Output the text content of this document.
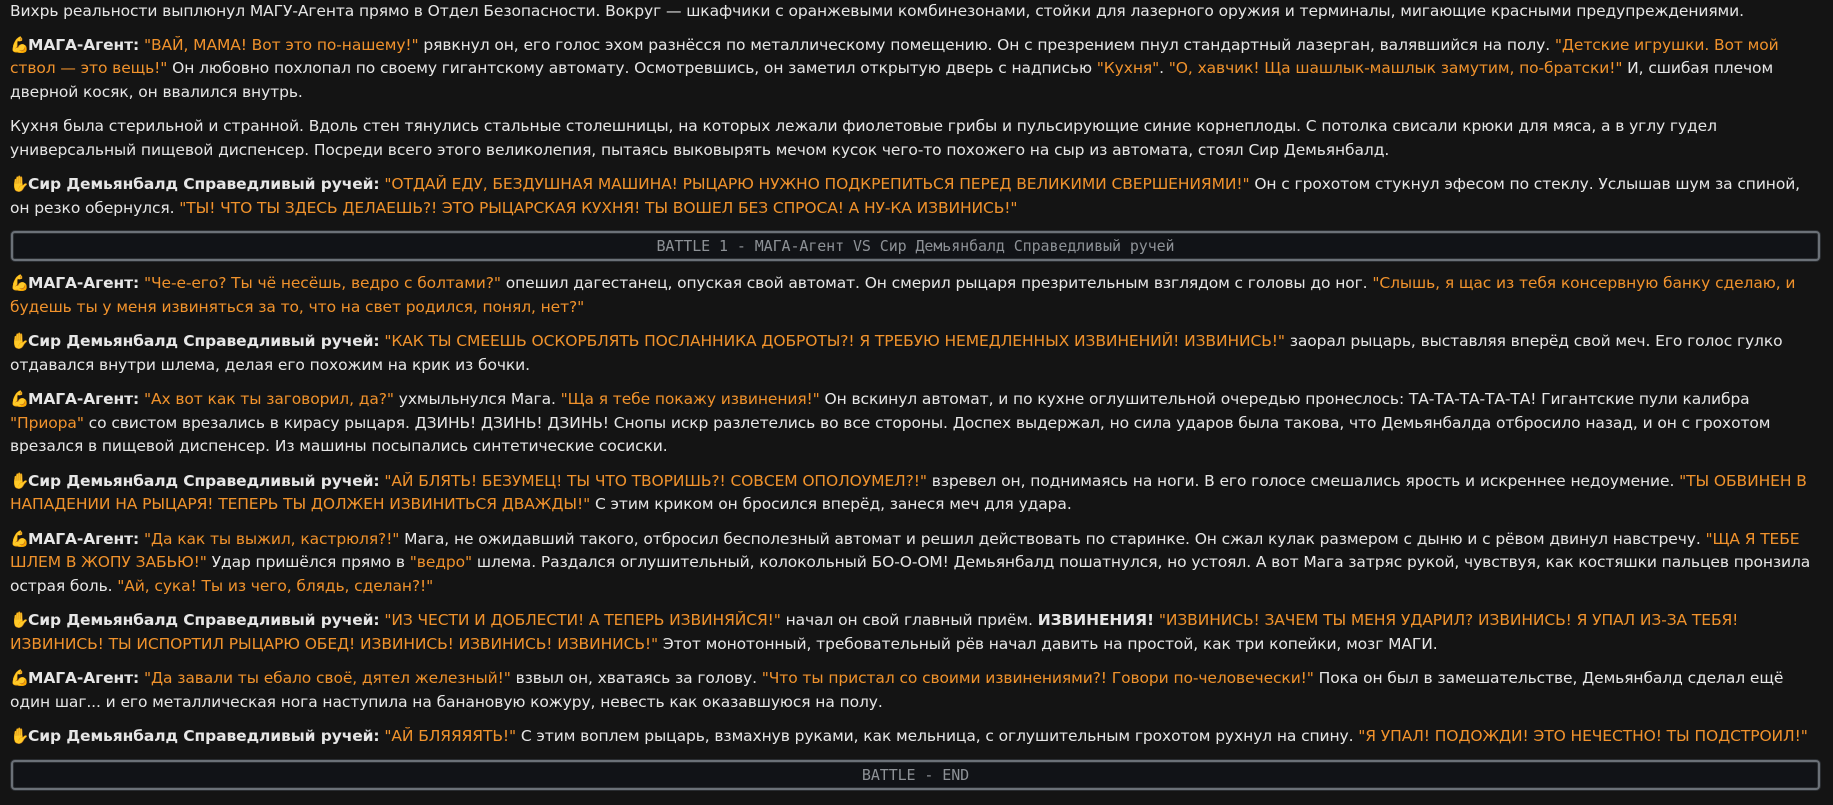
Вихрь реальности выплюнул МАГУ-Агента прямо в Отдел Безопасности. Вокруг — шкафчики с оранжевыми комбинезонами, стойки для лазерного оружия и терминалы, мигающие красными предупреждениями.
💪МАГА-Агент: "ВАЙ, МАМА! Вот это по-нашему!" рявкнул он, его голос эхом разнёсся по металлическому помещению. Он с презрением пнул стандартный лазерган, валявшийся на полу. "Детские игрушки. Вот мой ствол — это вещь!" Он любовно похлопал по своему гигантскому автомату. Осмотревшись, он заметил открытую дверь с надписью "Кухня". "О, хавчик! Ща шашлык-машлык замутим, по-братски!" И, сшибая плечом дверной косяк, он ввалился внутрь.
Кухня была стерильной и странной. Вдоль стен тянулись стальные столешницы, на которых лежали фиолетовые грибы и пульсирующие синие корнеплоды. С потолка свисали крюки для мяса, а в углу гудел универсальный пищевой диспенсер. Посреди всего этого великолепия, пытаясь выковырять мечом кусок чего-то похожего на сыр из автомата, стоял Сир Демьянбалд.
✋Сир Демьянбалд Справедливый ручей: "ОТДАЙ ЕДУ, БЕЗДУШНАЯ МАШИНА! РЫЦАРЮ НУЖНО ПОДКРЕПИТЬСЯ ПЕРЕД ВЕЛИКИМИ СВЕРШЕНИЯМИ!" Он с грохотом стукнул эфесом по стеклу. Услышав шум за спиной, он резко обернулся. "ТЫ! ЧТО ТЫ ЗДЕСЬ ДЕЛАЕШЬ?! ЭТО РЫЦАРСКАЯ КУХНЯ! ТЫ ВОШЕЛ БЕЗ СПРОСА! А НУ-КА ИЗВИНИСЬ!"
BATTLE 1 - МАГА-Агент VS Сир Демьянбалд Справедливый ручей
💪МАГА-Агент: "Че-е-его? Ты чё несёшь, ведро с болтами?" опешил дагестанец, опуская свой автомат. Он смерил рыцаря презрительным взглядом с головы до ног. "Слышь, я щас из тебя консервную банку сделаю, и будешь ты у меня извиняться за то, что на свет родился, понял, нет?"
✋Сир Демьянбалд Справедливый ручей: "КАК ТЫ СМЕЕШЬ ОСКОРБЛЯТЬ ПОСЛАННИКА ДОБРОТЫ?! Я ТРЕБУЮ НЕМЕДЛЕННЫХ ИЗВИНЕНИЙ! ИЗВИНИСЬ!" заорал рыцарь, выставляя вперёд свой меч. Его голос гулко отдавался внутри шлема, делая его похожим на крик из бочки.
💪МАГА-Агент: "Ах вот как ты заговорил, да?" ухмыльнулся Мага. "Ща я тебе покажу извинения!" Он вскинул автомат, и по кухне оглушительной очередью пронеслось: ТА-ТА-ТА-ТА-ТА! Гигантские пули калибра "Приора" со свистом врезались в кирасу рыцаря. ДЗИНЬ! ДЗИНЬ! ДЗИНЬ! Снопы искр разлетелись во все стороны. Доспех выдержал, но сила ударов была такова, что Демьянбалда отбросило назад, и он с грохотом врезался в пищевой диспенсер. Из машины посыпались синтетические сосиски.
✋Сир Демьянбалд Справедливый ручей: "АЙ БЛЯТЬ! БЕЗУМЕЦ! ТЫ ЧТО ТВОРИШЬ?! СОВСЕМ ОПОЛОУМЕЛ?!" взревел он, поднимаясь на ноги. В его голосе смешались ярость и искреннее недоумение. "ТЫ ОБВИНЕН В НАПАДЕНИИ НА РЫЦАРЯ! ТЕПЕРЬ ТЫ ДОЛЖЕН ИЗВИНИТЬСЯ ДВАЖДЫ!" С этим криком он бросился вперёд, занеся меч для удара.
💪МАГА-Агент: "Да как ты выжил, кастрюля?!" Мага, не ожидавший такого, отбросил бесполезный автомат и решил действовать по старинке. Он сжал кулак размером с дыню и с рёвом двинул навстречу. "ЩА Я ТЕБЕ ШЛЕМ В ЖОПУ ЗАБЬЮ!" Удар пришёлся прямо в "ведро" шлема. Раздался оглушительный, колокольный БО-О-ОМ! Демьянбалд пошатнулся, но устоял. А вот Мага затряс рукой, чувствуя, как костяшки пальцев пронзила острая боль. "Ай, сука! Ты из чего, блядь, сделан?!"
✋Сир Демьянбалд Справедливый ручей: "ИЗ ЧЕСТИ И ДОБЛЕСТИ! А ТЕПЕРЬ ИЗВИНЯЙСЯ!" начал он свой главный приём. ИЗВИНЕНИЯ! "ИЗВИНИСЬ! ЗАЧЕМ ТЫ МЕНЯ УДАРИЛ? ИЗВИНИСЬ! Я УПАЛ ИЗ-ЗА ТЕБЯ! ИЗВИНИСЬ! ТЫ ИСПОРТИЛ РЫЦАРЮ ОБЕД! ИЗВИНИСЬ! ИЗВИНИСЬ! ИЗВИНИСЬ!" Этот монотонный, требовательный рёв начал давить на простой, как три копейки, мозг МАГИ.
💪МАГА-Агент: "Да завали ты ебало своё, дятел железный!" взвыл он, хватаясь за голову. "Что ты пристал со своими извинениями?! Говори по-человечески!" Пока он был в замешательстве, Демьянбалд сделал ещё один шаг... и его металлическая нога наступила на банановую кожуру, невесть как оказавшуюся на полу.
✋Сир Демьянбалд Справедливый ручей: "АЙ БЛЯЯЯЯТЬ!" С этим воплем рыцарь, взмахнув руками, как мельница, с оглушительным грохотом рухнул на спину. "Я УПАЛ! ПОДОЖДИ! ЭТО НЕЧЕСТНО! ТЫ ПОДСТРОИЛ!"
BATTLE - END
